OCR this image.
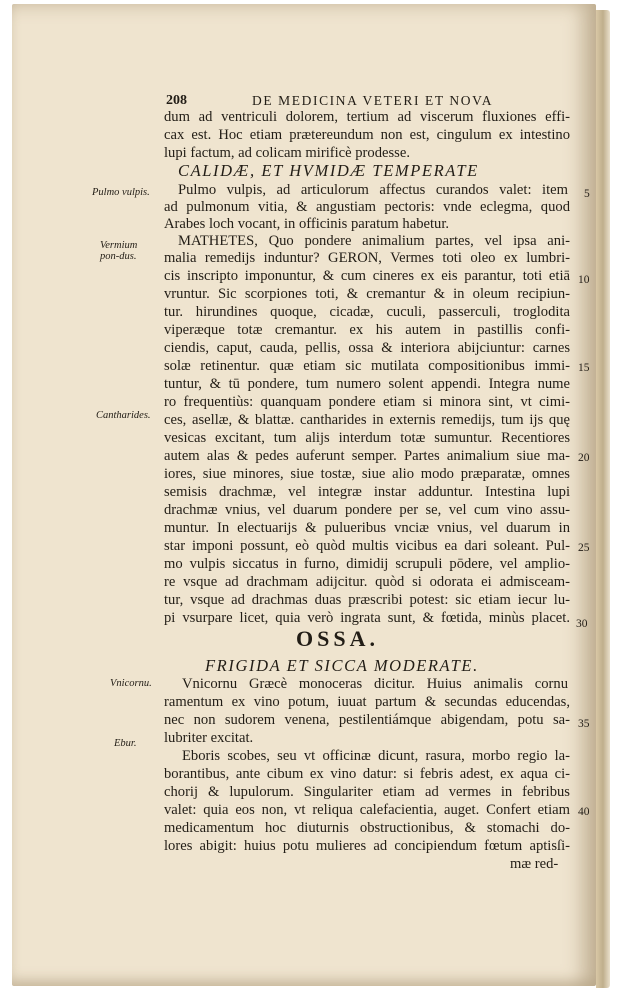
208	DE MEDICINA VETERI ET NOVA
dum ad ventriculi dolorem, tertium ad viscerum fluxiones effi-
cax est. Hoc etiam prætereundum non est, cingulum ex intestino
lupi factum, ad colicam mirificè prodesse.
CALIDÆ, ET HVMIDÆ TEMPERATE
Pulmo vulpis, ad articulorum affectus curandos valet: item
ad pulmonum vitia, & angustiam pectoris: vnde eclegma, quod
Arabes loch vocant, in officinis paratum habetur.
MATHETES, Quo pondere animalium partes, vel ipsa ani-
malia remedijs induntur? GERON, Vermes toti oleo ex lumbri-
cis inscripto imponuntur, & cum cineres ex eis parantur, toti etiā
vruntur. Sic scorpiones toti, & cremantur & in oleum recipiun-
tur. hirundines quoque, cicadæ, cuculi, passerculi, troglodita
viperæque totæ cremantur. ex his autem in pastillis confi-
ciendis, caput, cauda, pellis, ossa & interiora abijciuntur: carnes
solæ retinentur. quæ etiam sic mutilata compositionibus immi-
tuntur, & tū pondere, tum numero solent appendi. Integra nume
ro frequentiùs: quanquam pondere etiam si minora sint, vt cimi-
ces, asellæ, & blattæ. cantharides in externis remedijs, tum ijs quę
vesicas excitant, tum alijs interdum totæ sumuntur. Recentiores
autem alas & pedes auferunt semper. Partes animalium siue ma-
iores, siue minores, siue tostæ, siue alio modo præparatæ, omnes
semisis drachmæ, vel integræ instar adduntur. Intestina lupi
drachmæ vnius, vel duarum pondere per se, vel cum vino assu-
muntur. In electuarijs & pulueribus vnciæ vnius, vel duarum in
star imponi possunt, eò quòd multis vicibus ea dari soleant. Pul-
mo vulpis siccatus in furno, dimidij scrupuli pōdere, vel amplio-
re vsque ad drachmam adijcitur. quòd si odorata ei admisceam-
tur, vsque ad drachmas duas præscribi potest: sic etiam iecur lu-
pi vsurpare licet, quia verò ingrata sunt, & fœtida, minùs placet.
OSSA.
FRIGIDA ET SICCA MODERATE.
Vnicornu Græcè monoceras dicitur. Huius animalis cornu
ramentum ex vino potum, iuuat partum & secundas educendas,
nec non sudorem venena, pestilentiámque abigendam, potu sa-
lubriter excitat.
Eboris scobes, seu vt officinæ dicunt, rasura, morbo regio la-
borantibus, ante cibum ex vino datur: si febris adest, ex aqua ci-
chorij & lupulorum. Singulariter etiam ad vermes in febribus
valet: quia eos non, vt reliqua calefacientia, auget. Confert etiam
medicamentum hoc diuturnis obstructionibus, & stomachi do-
lores abigit: huius potu mulieres ad concipiendum fœtum aptisſi-
mæ red-
Pulmo vulpis.
Vermium pon-dus.
Cantharides.
Vnicornu.
Ebur.
5
10
15
20
25
30
35
40
